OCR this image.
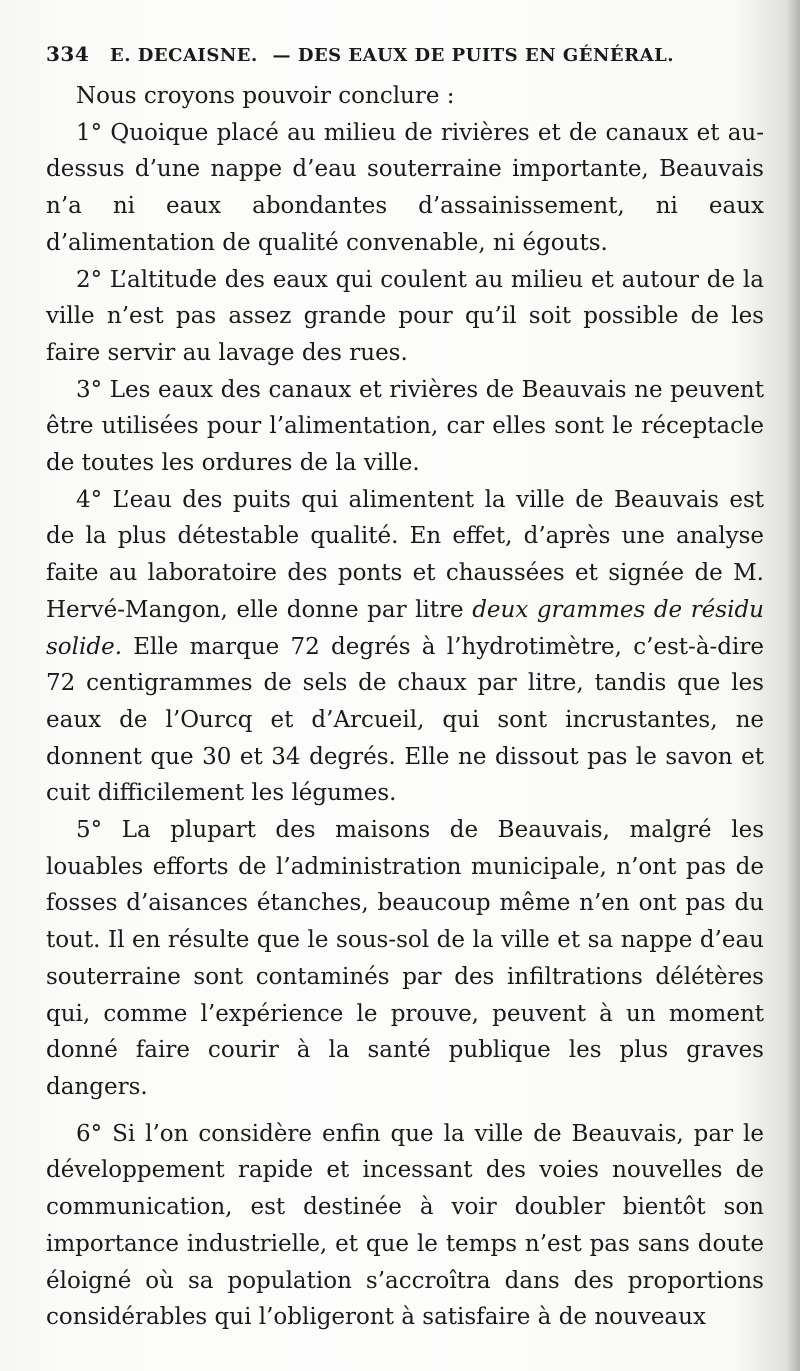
334 E. DECAISNE. — DES EAUX DE PUITS EN GÉNÉRAL.

Nous croyons pouvoir conclure :

1° Quoique placé au milieu de rivières et de canaux et au-dessus d’une nappe d’eau souterraine importante, Beauvais n’a ni eaux abondantes d’assainissement, ni eaux d’alimentation de qualité convenable, ni égouts.

2° L’altitude des eaux qui coulent au milieu et autour de la ville n’est pas assez grande pour qu’il soit possible de les faire servir au lavage des rues.

3° Les eaux des canaux et rivières de Beauvais ne peuvent être utilisées pour l’alimentation, car elles sont le réceptacle de toutes les ordures de la ville.

4° L’eau des puits qui alimentent la ville de Beauvais est de la plus détestable qualité. En effet, d’après une analyse faite au laboratoire des ponts et chaussées et signée de M. Hervé-Mangon, elle donne par litre deux grammes de résidu solide. Elle marque 72 degrés à l’hydrotimètre, c’est-à-dire 72 centigrammes de sels de chaux par litre, tandis que les eaux de l’Ourcq et d’Arcueil, qui sont incrustantes, ne donnent que 30 et 34 degrés. Elle ne dissout pas le savon et cuit difficilement les légumes.

5° La plupart des maisons de Beauvais, malgré les louables efforts de l’administration municipale, n’ont pas de fosses d’aisances étanches, beaucoup même n’en ont pas du tout. Il en résulte que le sous-sol de la ville et sa nappe d’eau souterraine sont contaminés par des infiltrations délétères qui, comme l’expérience le prouve, peuvent à un moment donné faire courir à la santé publique les plus graves dangers.

6° Si l’on considère enfin que la ville de Beauvais, par le développement rapide et incessant des voies nouvelles de communication, est destinée à voir doubler bientôt son importance industrielle, et que le temps n’est pas sans doute éloigné où sa population s’accroîtra dans des proportions considérables qui l’obligeront à satisfaire à de nouveaux
